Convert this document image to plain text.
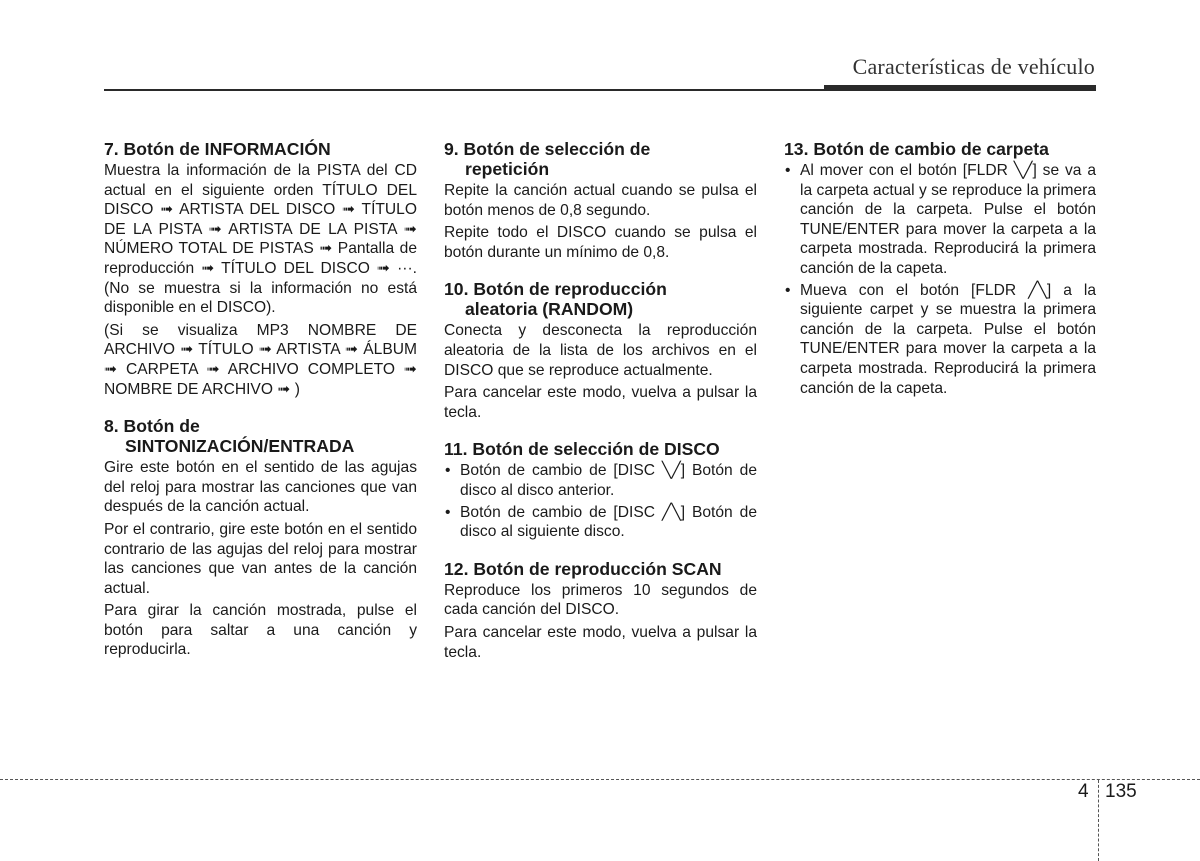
Características de vehículo
7. Botón de INFORMACIÓN

Muestra la información de la PISTA del CD actual en el siguiente orden TÍTULO DEL DISCO ➟ ARTISTA DEL DISCO ➟ TÍTULO DE LA PISTA ➟ ARTISTA DE LA PISTA ➟ NÚMERO TOTAL DE PISTAS ➟ Pantalla de reproducción ➟ TÍTULO DEL DISCO ➟ ···.(No se muestra si la información no está disponible en el DISCO).

(Si se visualiza MP3 NOMBRE DE ARCHIVO ➟ TÍTULO ➟ ARTISTA ➟ ÁLBUM ➟ CARPETA ➟ ARCHIVO COMPLETO ➟ NOMBRE DE ARCHIVO ➟ )

8. Botón de
SINTONIZACIÓN/ENTRADA

Gire este botón en el sentido de las agujas del reloj para mostrar las canciones que van después de la canción actual.

Por el contrario, gire este botón en el sentido contrario de las agujas del reloj para mostrar las canciones que van antes de la canción actual.

Para girar la canción mostrada, pulse el botón para saltar a una canción y reproducirla.

9. Botón de selección de
repetición

Repite la canción actual cuando se pulsa el botón menos de 0,8 segundo.

Repite todo el DISCO cuando se pulsa el botón durante un mínimo de 0,8.

10. Botón de reproducción
aleatoria (RANDOM)

Conecta y desconecta la reproducción aleatoria de la lista de los archivos en el DISCO que se reproduce actualmente.

Para cancelar este modo, vuelva a pulsar la tecla.

11. Botón de selección de DISCO
• Botón de cambio de [DISC ╲╱] Botón de disco al disco anterior.
• Botón de cambio de [DISC ╱╲] Botón de disco al siguiente disco.
12. Botón de reproducción SCAN

Reproduce los primeros 10 segundos de cada canción del DISCO.

Para cancelar este modo, vuelva a pulsar la tecla.

13. Botón de cambio de carpeta
• Al mover con el botón [FLDR ╲╱] se va a la carpeta actual y se reproduce la primera canción de la carpeta. Pulse el botón TUNE/ENTER para mover la carpeta a la carpeta mostrada. Reproducirá la primera canción de la capeta.
• Mueva con el botón [FLDR ╱╲] a la siguiente carpet y se muestra la primera canción de la carpeta. Pulse el botón TUNE/ENTER para mover la carpeta a la carpeta mostrada. Reproducirá la primera canción de la capeta.
4 135
